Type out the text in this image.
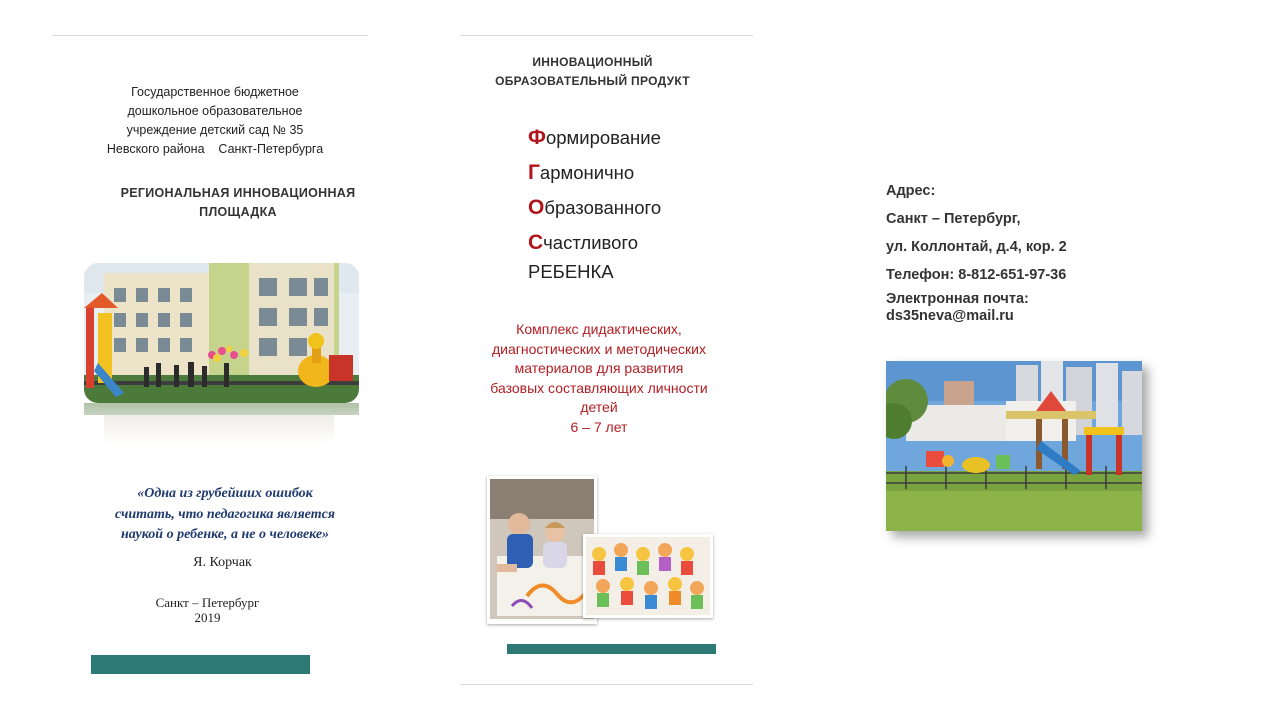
Государственное бюджетное
дошкольное образовательное
учреждение детский сад № 35
Невского района    Санкт-Петербурга
РЕГИОНАЛЬНАЯ ИННОВАЦИОННАЯ
ПЛОЩАДКА
«Одна из грубейших ошибок
считать, что педагогика является
наукой о ребенке, а не о человеке»
Я. Корчак
Санкт – Петербург
2019
ИННОВАЦИОННЫЙ
ОБРАЗОВАТЕЛЬНЫЙ ПРОДУКТ
Формирование
Гармонично
Образованного
Счастливого
РЕБЕНКА
Комплекс дидактических,
диагностических и методических
материалов для развития
базовых составляющих личности
детей
6 – 7 лет
Адрес:
Санкт – Петербург,
ул. Коллонтай, д.4, кор. 2
Телефон: 8-812-651-97-36
Электронная почта:
ds35neva@mail.ru
